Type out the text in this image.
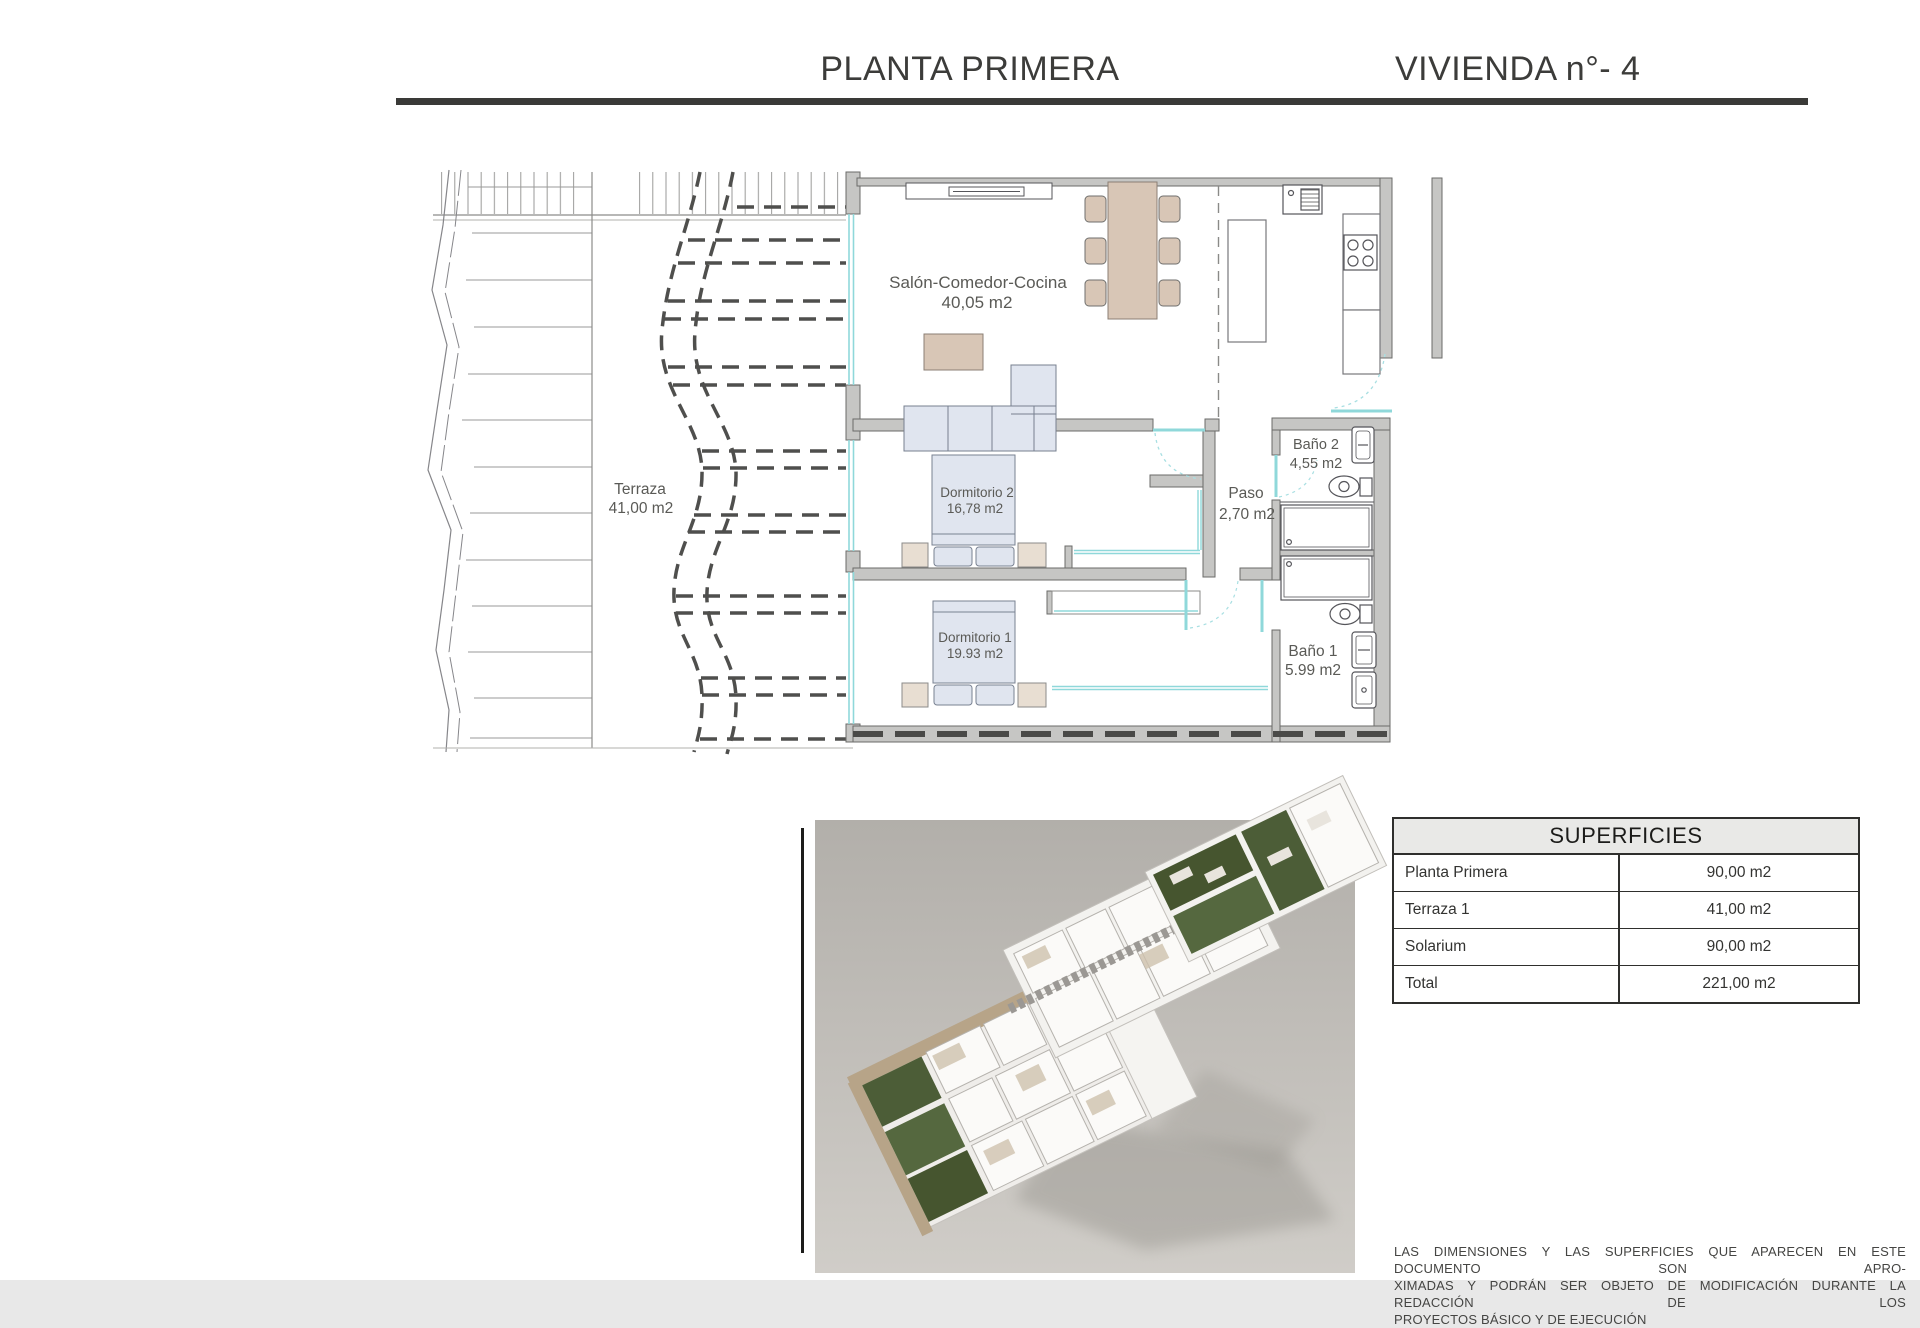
PLANTA PRIMERA	VIVIENDA n°- 4
Salón-Comedor-Cocina
40,05 m2
Terraza
41,00 m2
Dormitorio 2
16,78 m2
Dormitorio 1
19.93 m2
Paso
2,70 m2
Baño 2
4,55 m2
Baño 1
5.99 m2
SUPERFICIES
Planta Primera	90,00 m2
Terraza 1	41,00 m2
Solarium	90,00 m2
Total	221,00 m2
LAS DIMENSIONES Y LAS SUPERFICIES QUE APARECEN EN ESTE DOCUMENTO SON APRO-
XIMADAS Y PODRÁN SER OBJETO DE MODIFICACIÓN DURANTE LA REDACCIÓN DE LOS
PROYECTOS BÁSICO Y DE EJECUCIÓN
